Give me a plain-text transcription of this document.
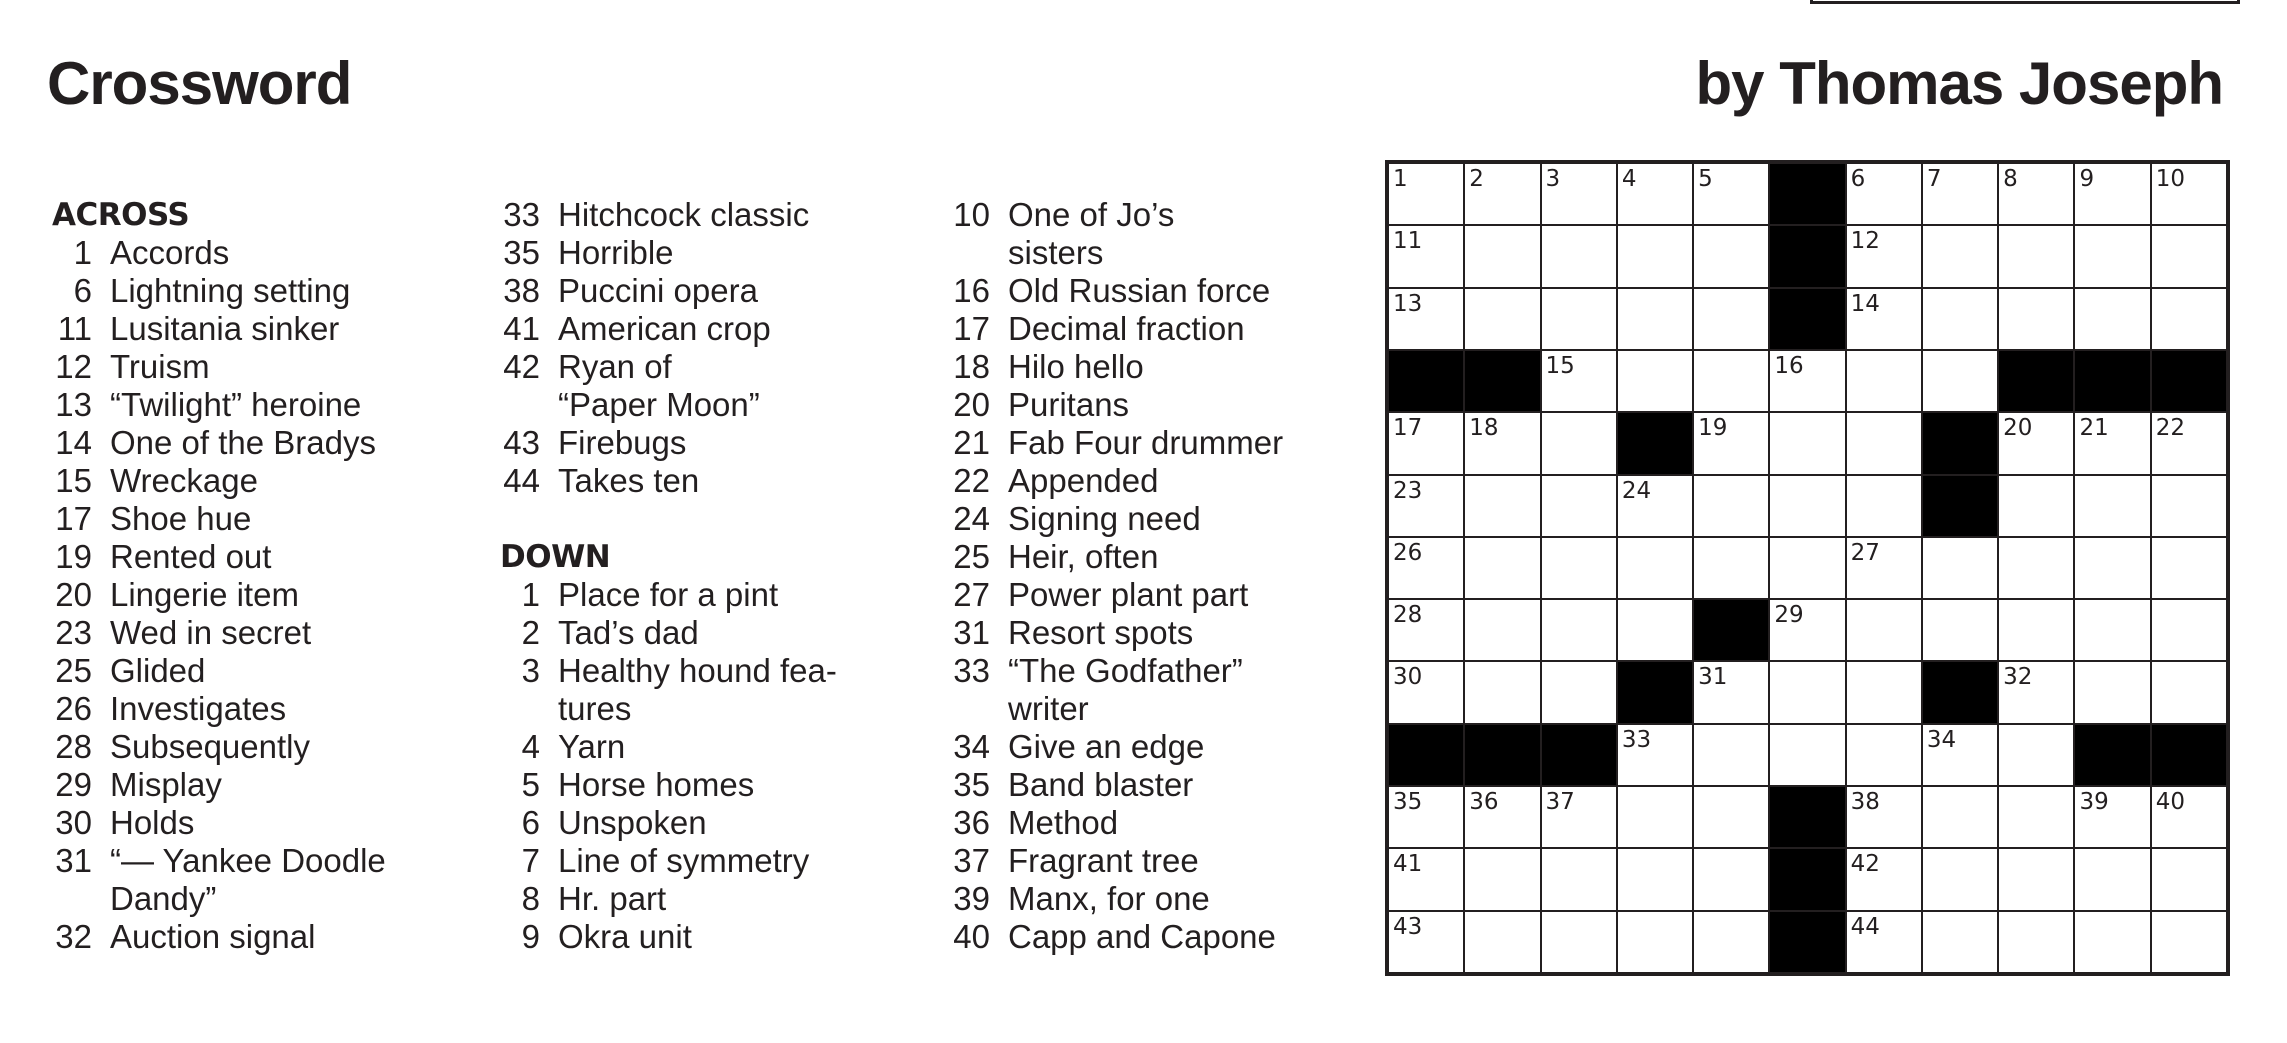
Crossword	by Thomas Joseph
ACROSS
1 Accords
6 Lightning setting
11 Lusitania sinker
12 Truism
13 “Twilight” heroine
14 One of the Bradys
15 Wreckage
17 Shoe hue
19 Rented out
20 Lingerie item
23 Wed in secret
25 Glided
26 Investigates
28 Subsequently
29 Misplay
30 Holds
31 “— Yankee Doodle
Dandy”
32 Auction signal
33 Hitchcock classic
35 Horrible
38 Puccini opera
41 American crop
42 Ryan of
“Paper Moon”
43 Firebugs
44 Takes ten
DOWN
1 Place for a pint
2 Tad’s dad
3 Healthy hound fea-
tures
4 Yarn
5 Horse homes
6 Unspoken
7 Line of symmetry
8 Hr. part
9 Okra unit
10 One of Jo’s
sisters
16 Old Russian force
17 Decimal fraction
18 Hilo hello
20 Puritans
21 Fab Four drummer
22 Appended
24 Signing need
25 Heir, often
27 Power plant part
31 Resort spots
33 “The Godfather”
writer
34 Give an edge
35 Band blaster
36 Method
37 Fragrant tree
39 Manx, for one
40 Capp and Capone
1	2	3	4	5	6	7	8	9	10
11	12
13	14
15	16
17 18	19	20 21 22
23	24
26	27
28	29
30	31	32
33	34
35 36 37	38	39 40
41	42
43	44
